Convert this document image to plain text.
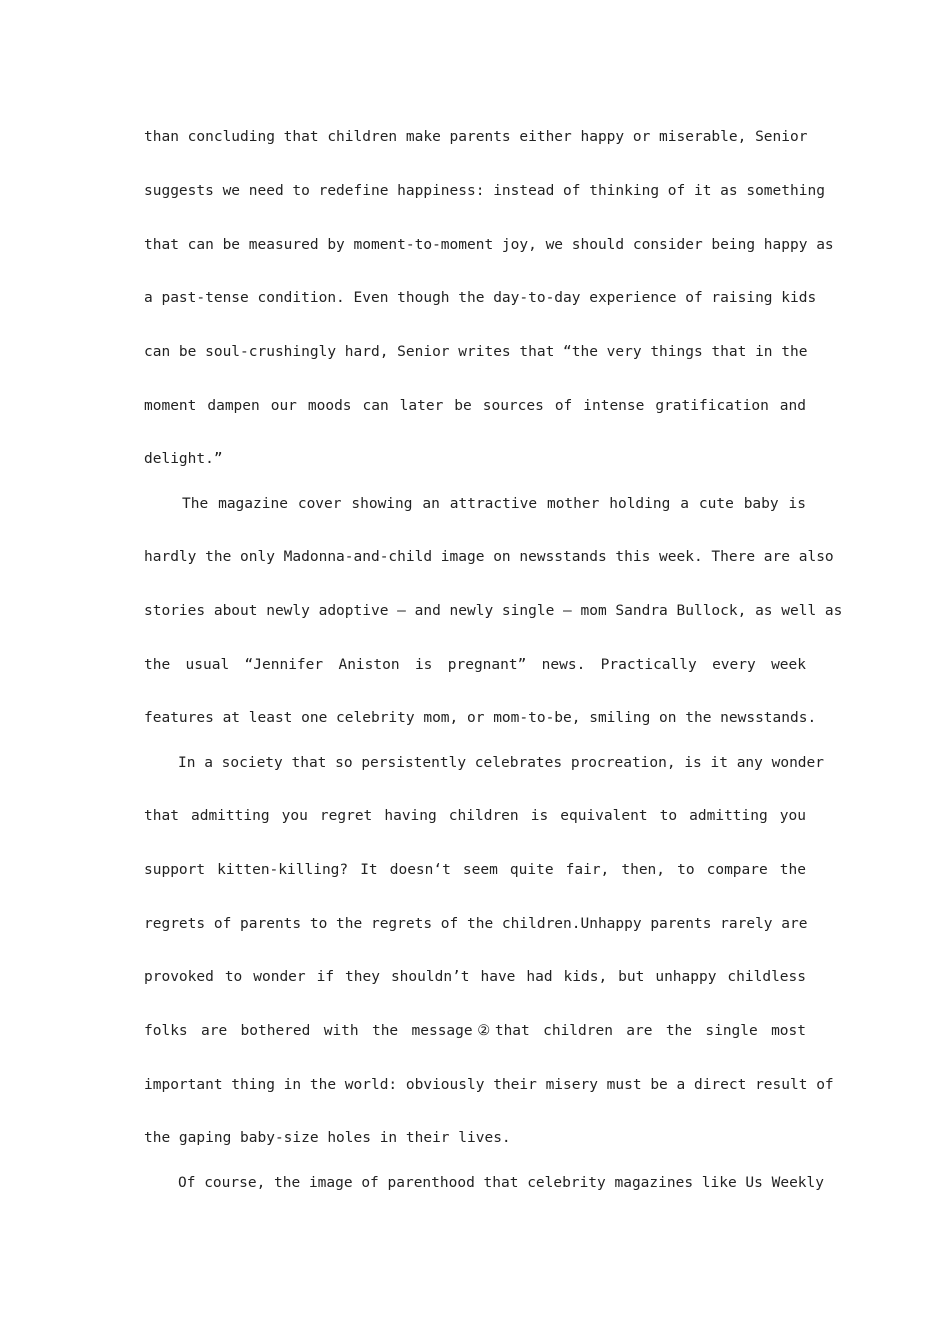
than concluding that children make parents either happy or miserable, Senior
suggests we need to redefine happiness: instead of thinking of it as something
that can be measured by moment-to-moment joy, we should consider being happy as
a past-tense condition. Even though the day-to-day experience of raising kids
can be soul-crushingly hard, Senior writes that “the very things that in the
moment dampen our moods can later be sources of intense gratification and
delight.”
The magazine cover showing an attractive mother holding a cute baby is
hardly the only Madonna-and-child image on newsstands this week. There are also
stories about newly adoptive – and newly single – mom Sandra Bullock, as well as
the usual “Jennifer Aniston is pregnant” news. Practically every week
features at least one celebrity mom, or mom-to-be, smiling on the newsstands.
In a society that so persistently celebrates procreation, is it any wonder
that admitting you regret having children is equivalent to admitting you
support kitten-killing? It doesn‘t seem quite fair, then, to compare the
regrets of parents to the regrets of the children.Unhappy parents rarely are
provoked to wonder if they shouldn’t have had kids, but unhappy childless
folks are bothered with the message②that children are the single most
important thing in the world: obviously their misery must be a direct result of
the gaping baby-size holes in their lives.
Of course, the image of parenthood that celebrity magazines like Us Weekly
